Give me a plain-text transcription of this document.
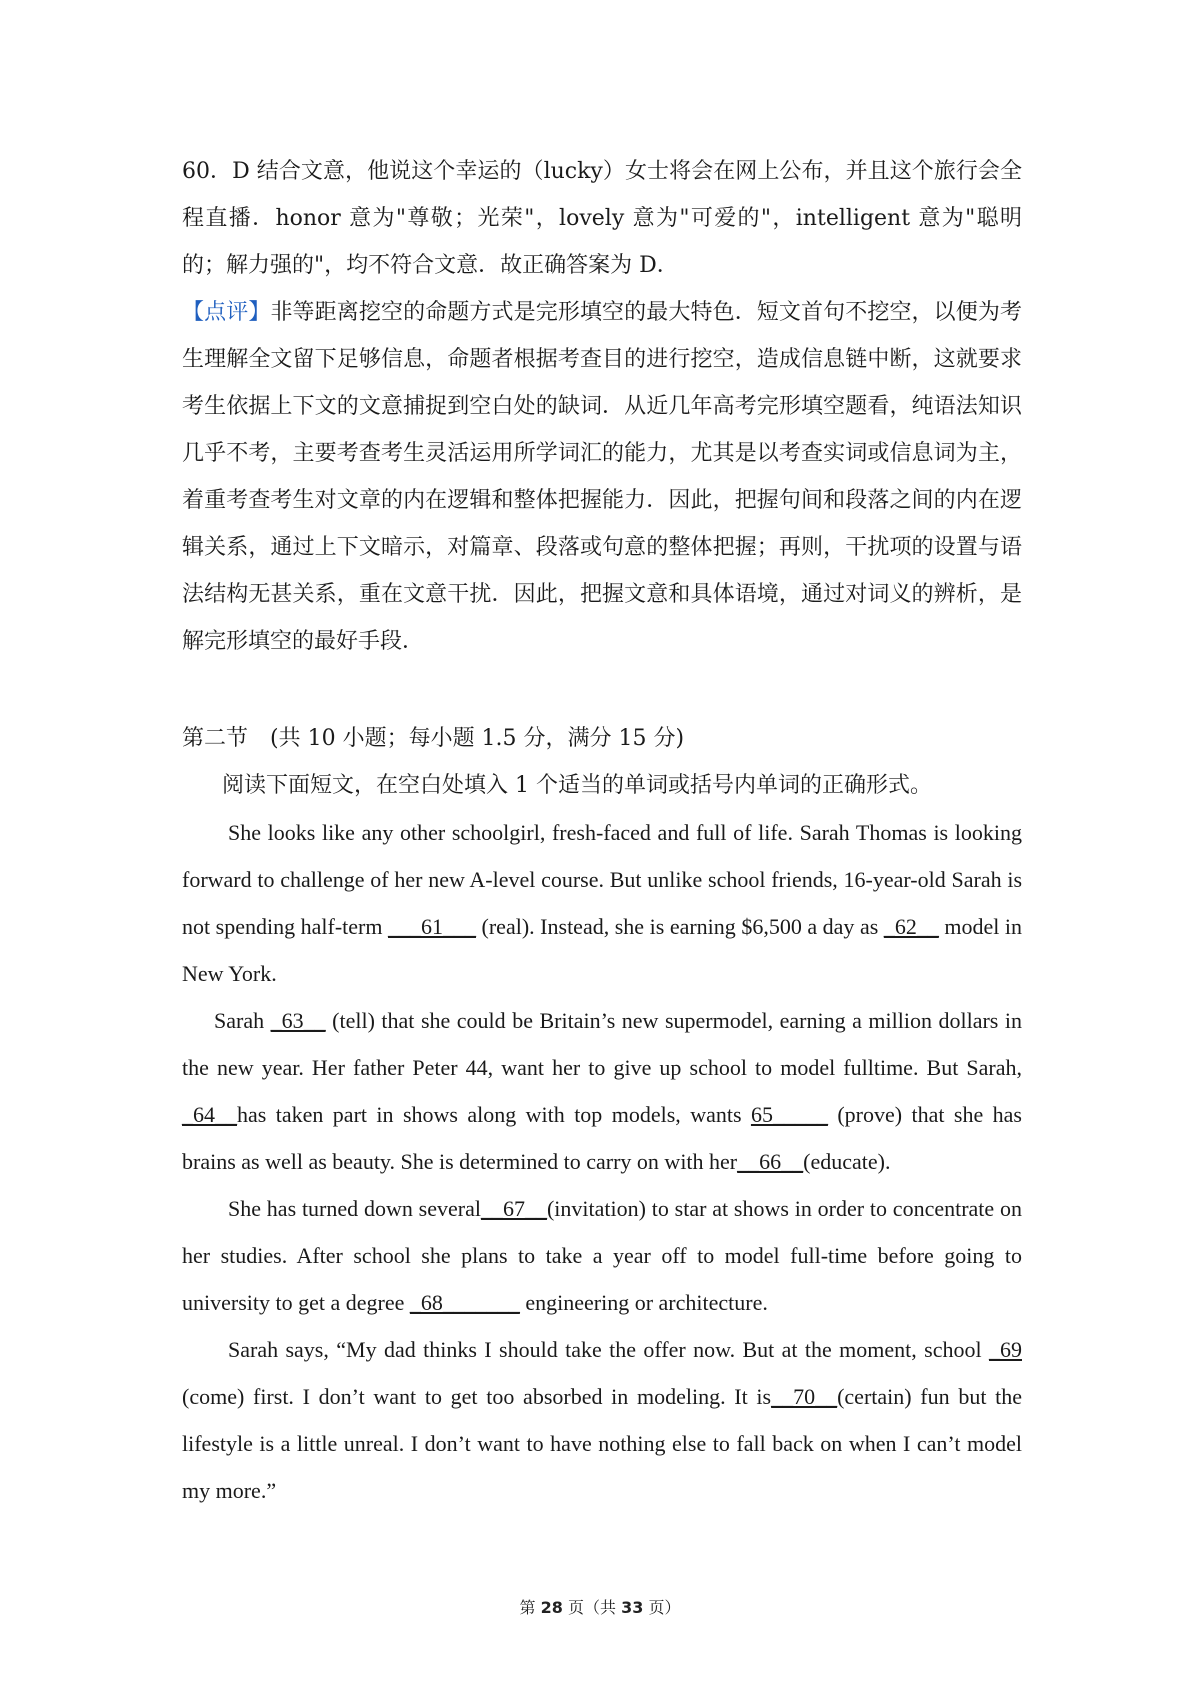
60．D 结合文意，他说这个幸运的（lucky）女士将会在网上公布，并且这个旅行会全程直播．honor 意为"尊敬；光荣"，lovely 意为"可爱的"，intelligent 意为"聪明的；解力强的"，均不符合文意．故正确答案为 D．

【点评】非等距离挖空的命题方式是完形填空的最大特色．短文首句不挖空，以便为考生理解全文留下足够信息，命题者根据考查目的进行挖空，造成信息链中断，这就要求考生依据上下文的文意捕捉到空白处的缺词．从近几年高考完形填空题看，纯语法知识几乎不考，主要考查考生灵活运用所学词汇的能力，尤其是以考查实词或信息词为主，着重考查考生对文章的内在逻辑和整体把握能力．因此，把握句间和段落之间的内在逻辑关系，通过上下文暗示，对篇章、段落或句意的整体把握；再则，干扰项的设置与语法结构无甚关系，重在文意干扰．因此，把握文意和具体语境，通过对词义的辨析，是解完形填空的最好手段．

第二节　(共 10 小题；每小题 1.5 分，满分 15 分)
阅读下面短文，在空白处填入 1 个适当的单词或括号内单词的正确形式。

She looks like any other schoolgirl, fresh-faced and full of life. Sarah Thomas is looking forward to challenge of her new A-level course. But unlike school friends, 16-year-old Sarah is not spending half-term ___61___ (real). Instead, she is earning $6,500 a day as _62__ model in New York.

Sarah _63__ (tell) that she could be Britain’s new supermodel, earning a million dollars in the new year. Her father Peter 44, want her to give up school to model fulltime. But Sarah, _64__has taken part in shows along with top models, wants 65_____ (prove) that she has brains as well as beauty. She is determined to carry on with her__66__(educate).

She has turned down several__67__(invitation) to star at shows in order to concentrate on her studies. After school she plans to take a year off to model full-time before going to university to get a degree _68_______ engineering or architecture.

Sarah says, “My dad thinks I should take the offer now. But at the moment, school _69 (come) first. I don’t want to get too absorbed in modeling. It is__70__(certain) fun but the lifestyle is a little unreal. I don’t want to have nothing else to fall back on when I can’t model my more.”

第 28 页（共 33 页）
